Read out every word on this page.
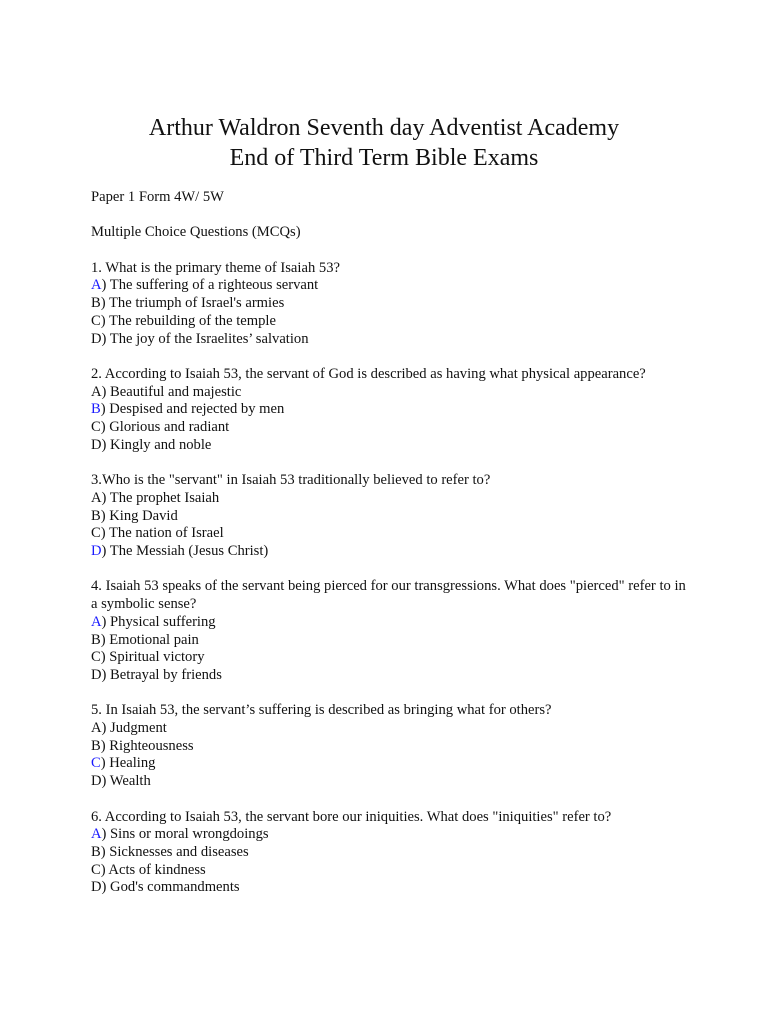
Arthur Waldron Seventh day Adventist Academy
End of Third Term Bible Exams
Paper 1 Form 4W/ 5W
Multiple Choice Questions (MCQs)
1. What is the primary theme of Isaiah 53?
A) The suffering of a righteous servant
B) The triumph of Israel's armies
C) The rebuilding of the temple
D) The joy of the Israelites’ salvation
2. According to Isaiah 53, the servant of God is described as having what physical appearance?
A) Beautiful and majestic
B) Despised and rejected by men
C) Glorious and radiant
D) Kingly and noble
3.Who is the "servant" in Isaiah 53 traditionally believed to refer to?
A) The prophet Isaiah
B) King David
C) The nation of Israel
D) The Messiah (Jesus Christ)
4. Isaiah 53 speaks of the servant being pierced for our transgressions. What does "pierced" refer to in a symbolic sense?
A) Physical suffering
B) Emotional pain
C) Spiritual victory
D) Betrayal by friends
5. In Isaiah 53, the servant’s suffering is described as bringing what for others?
A) Judgment
B) Righteousness
C) Healing
D) Wealth
6. According to Isaiah 53, the servant bore our iniquities. What does "iniquities" refer to?
A) Sins or moral wrongdoings
B) Sicknesses and diseases
C) Acts of kindness
D) God's commandments
